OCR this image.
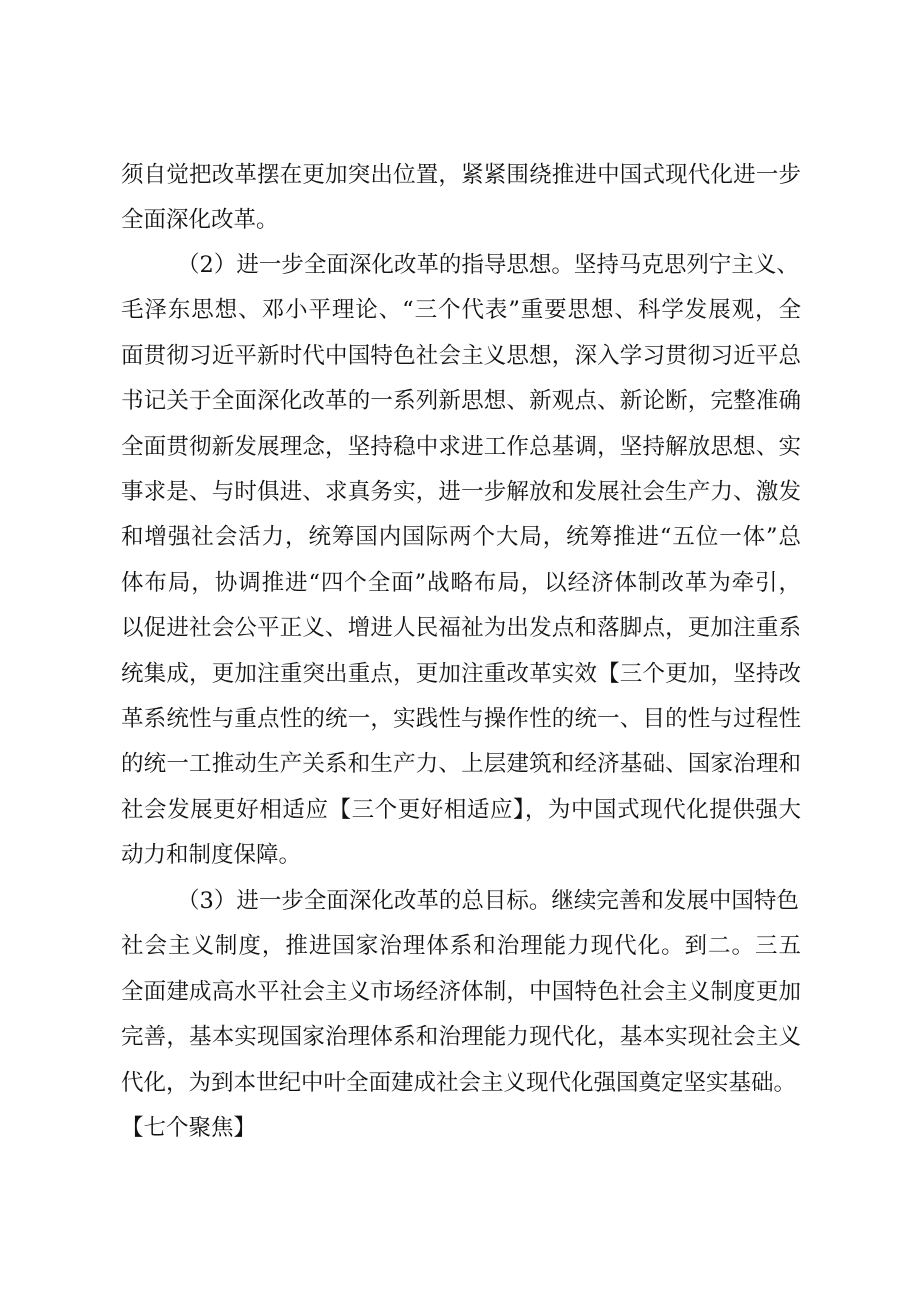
须自觉把改革摆在更加突出位置，紧紧围绕推进中国式现代化进一步
全面深化改革。
（2）进一步全面深化改革的指导思想。坚持马克思列宁主义、
毛泽东思想、邓小平理论、“三个代表”重要思想、科学发展观，全
面贯彻习近平新时代中国特色社会主义思想，深入学习贯彻习近平总
书记关于全面深化改革的一系列新思想、新观点、新论断，完整准确
全面贯彻新发展理念，坚持稳中求进工作总基调，坚持解放思想、实
事求是、与时俱进、求真务实，进一步解放和发展社会生产力、激发
和增强社会活力，统筹国内国际两个大局，统筹推进“五位一体”总
体布局，协调推进“四个全面”战略布局，以经济体制改革为牵引，
以促进社会公平正义、增进人民福祉为出发点和落脚点，更加注重系
统集成，更加注重突出重点，更加注重改革实效【三个更加，坚持改
革系统性与重点性的统一，实践性与操作性的统一、目的性与过程性
的统一工推动生产关系和生产力、上层建筑和经济基础、国家治理和
社会发展更好相适应【三个更好相适应】，为中国式现代化提供强大
动力和制度保障。
（3）进一步全面深化改革的总目标。继续完善和发展中国特色
社会主义制度，推进国家治理体系和治理能力现代化。到二。三五
全面建成高水平社会主义市场经济体制，中国特色社会主义制度更加
完善，基本实现国家治理体系和治理能力现代化，基本实现社会主义
代化，为到本世纪中叶全面建成社会主义现代化强国奠定坚实基础。
【七个聚焦】
